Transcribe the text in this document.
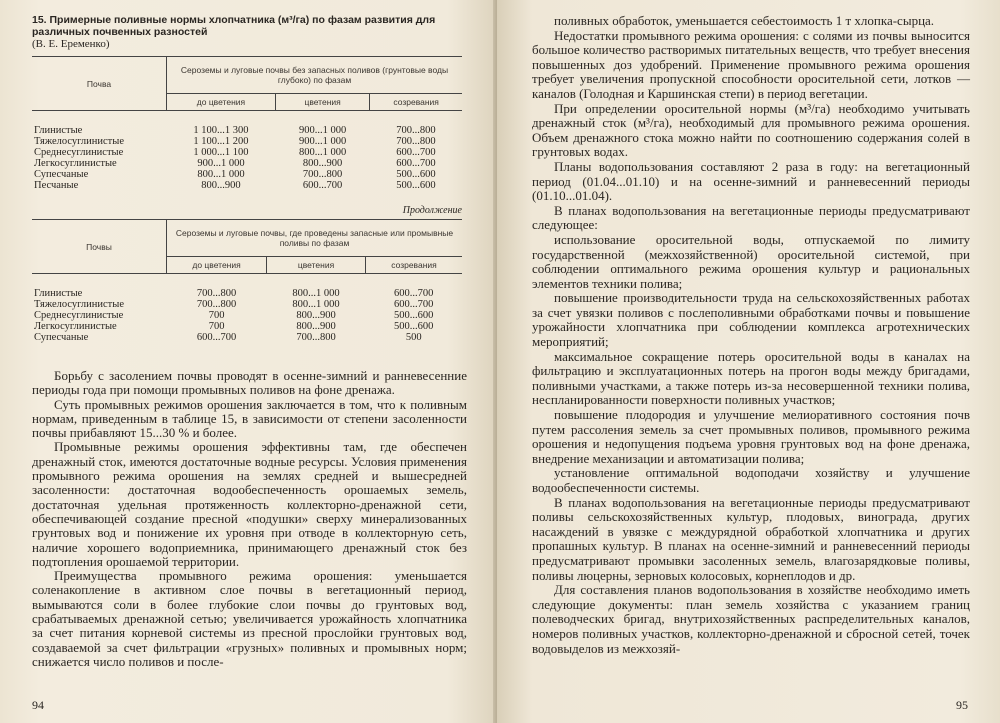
15. Примерные поливные нормы хлопчатника (м³/га) по фазам развития для различных почвенных разностей

(В. Е. Еременко)

Почва	Сероземы и луговые почвы без запасных поливов (грунтовые воды глубоко) по фазам		
	до цветения	цветения	созревания
Глинистые	1 100...1 300	900...1 000	700...800
Тяжелосуглинистые	1 100...1 200	900...1 000	700...800
Среднесуглинистые	1 000...1 100	800...1 000	600...700
Легкосуглинистые	900...1 000	800...900	600...700
Супесчаные	800...1 000	700...800	500...600
Песчаные	800...900	600...700	500...600
Продолжение
Почвы	Сероземы и луговые почвы, где проведены запасные или промывные поливы по фазам		
	до цветения	цветения	созревания
Глинистые	700...800	800...1 000	600...700
Тяжелосуглинистые	700...800	800...1 000	600...700
Среднесуглинистые	700	800...900	500...600
Легкосуглинистые	700	800...900	500...600
Супесчаные	600...700	700...800	500

Борьбу с засолением почвы проводят в осенне-зимний и ранневесенние периоды года при помощи промывных поливов на фоне дренажа.

Суть промывных режимов орошения заключается в том, что к поливным нормам, приведенным в таблице 15, в зависимости от степени засоленности почвы прибавляют 15...30 % и более.

Промывные режимы орошения эффективны там, где обеспечен дренажный сток, имеются достаточные водные ресурсы. Условия применения промывного режима орошения на землях средней и вышесредней засоленности: достаточная водообеспеченность орошаемых земель, достаточная удельная протяженность коллекторно-дренажной сети, обеспечивающей создание пресной «подушки» сверху минерализованных грунтовых вод и понижение их уровня при отводе в коллекторную сеть, наличие хорошего водоприемника, принимающего дренажный сток без подтопления орошаемой территории.

Преимущества промывного режима орошения: уменьшается соленакопление в активном слое почвы в вегетационный период, вымываются соли в более глубокие слои почвы до грунтовых вод, срабатываемых дренажной сетью; увеличивается урожайность хлопчатника за счет питания корневой системы из пресной прослойки грунтовых вод, создаваемой за счет фильтрации «грузных» поливных и промывных норм; снижается число поливов и после-

94

поливных обработок, уменьшается себестоимость 1 т хлопка-сырца.

Недостатки промывного режима орошения: с солями из почвы выносится большое количество растворимых питательных веществ, что требует внесения повышенных доз удобрений. Применение промывного режима орошения требует увеличения пропускной способности оросительной сети, лотков — каналов (Голодная и Каршинская степи) в период вегетации.

При определении оросительной нормы (м³/га) необходимо учитывать дренажный сток (м³/га), необходимый для промывного режима орошения. Объем дренажного стока можно найти по соотношению содержания солей в грунтовых водах.

Планы водопользования составляют 2 раза в году: на вегетационный период (01.04...01.10) и на осенне-зимний и ранневесенний периоды (01.10...01.04).

В планах водопользования на вегетационные периоды предусматривают следующее:

использование оросительной воды, отпускаемой по лимиту государственной (межхозяйственной) оросительной системой, при соблюдении оптимального режима орошения культур и рациональных элементов техники полива;

повышение производительности труда на сельскохозяйственных работах за счет увязки поливов с послеполивными обработками почвы и повышение урожайности хлопчатника при соблюдении комплекса агротехнических мероприятий;

максимальное сокращение потерь оросительной воды в каналах на фильтрацию и эксплуатационных потерь на прогон воды между бригадами, поливными участками, а также потерь из-за несовершенной техники полива, неспланированности поверхности поливных участков;

повышение плодородия и улучшение мелиоративного состояния почв путем рассоления земель за счет промывных поливов, промывного режима орошения и недопущения подъема уровня грунтовых вод на фоне дренажа, внедрение механизации и автоматизации полива;

установление оптимальной водоподачи хозяйству и улучшение водообеспеченности системы.

В планах водопользования на вегетационные периоды предусматривают поливы сельскохозяйственных культур, плодовых, винограда, других насаждений в увязке с междурядной обработкой хлопчатника и других пропашных культур. В планах на осенне-зимний и ранневесенний периоды предусматривают промывки засоленных земель, влагозарядковые поливы, поливы люцерны, зерновых колосовых, корнеплодов и др.

Для составления планов водопользования в хозяйстве необходимо иметь следующие документы: план земель хозяйства с указанием границ полеводческих бригад, внутрихозяйственных распределительных каналов, номеров поливных участков, коллекторно-дренажной и сбросной сетей, точек водовыделов из межхозяй-

95
